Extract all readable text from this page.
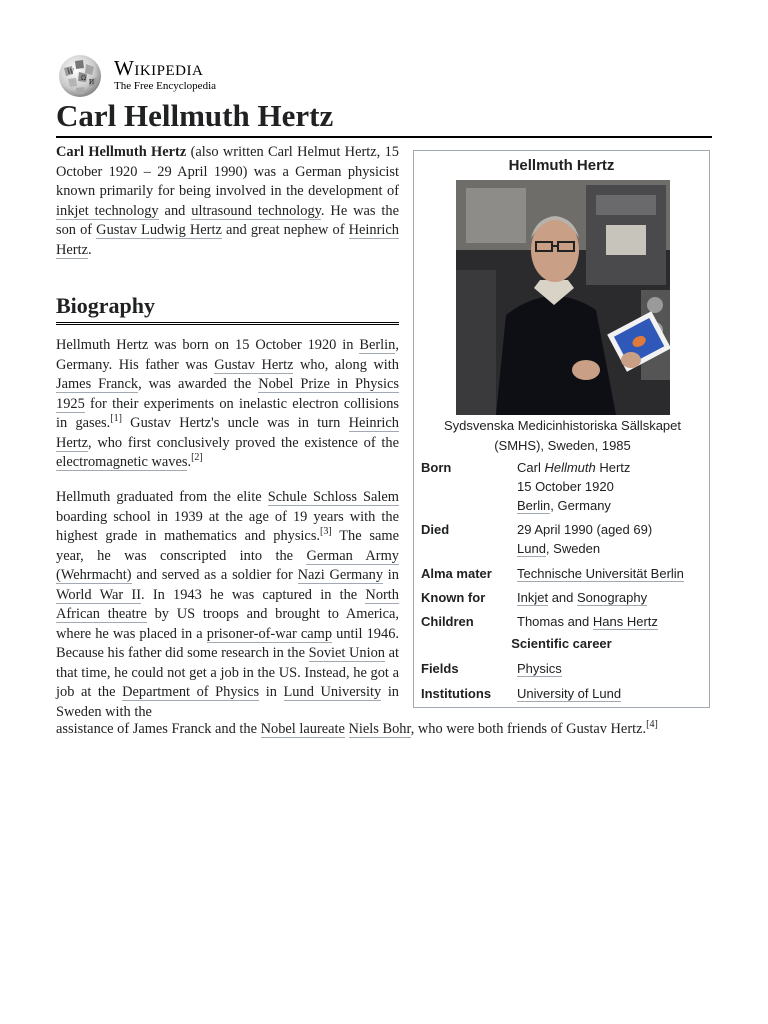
W
Ω
И
Wikipedia
The Free Encyclopedia
Carl Hellmuth Hertz

Carl Hellmuth Hertz (also written Carl Helmut Hertz, 15 October 1920 – 29 April 1990) was a German physicist known primarily for being involved in the development of inkjet technology and ultrasound technology. He was the son of Gustav Ludwig Hertz and great nephew of Heinrich Hertz.

Biography

Hellmuth Hertz was born on 15 October 1920 in Berlin, Germany. His father was Gustav Hertz who, along with James Franck, was awarded the Nobel Prize in Physics 1925 for their experiments on inelastic electron collisions in gases.[1] Gustav Hertz's uncle was in turn Heinrich Hertz, who first conclusively proved the existence of the electromagnetic waves.[2]

Hellmuth graduated from the elite Schule Schloss Salem boarding school in 1939 at the age of 19 years with the highest grade in mathematics and physics.[3] The same year, he was conscripted into the German Army (Wehrmacht) and served as a soldier for Nazi Germany in World War II. In 1943 he was captured in the North African theatre by US troops and brought to America, where he was placed in a prisoner-of-war camp until 1946. Because his father did some research in the Soviet Union at that time, he could not get a job in the US. Instead, he got a job at the Department of Physics in Lund University in Sweden with the

assistance of James Franck and the Nobel laureate Niels Bohr, who were both friends of Gustav Hertz.[4]
Hellmuth Hertz
Sydsvenska Medicinhistoriska Sällskapet (SMHS), Sweden, 1985
Born	Carl Hellmuth Hertz
15 October 1920
Berlin, Germany
Died	29 April 1990 (aged 69)
Lund, Sweden
Alma mater	Technische Universität Berlin
Known for	Inkjet and Sonography
Children	Thomas and Hans Hertz
Scientific career
Fields	Physics
Institutions	University of Lund
